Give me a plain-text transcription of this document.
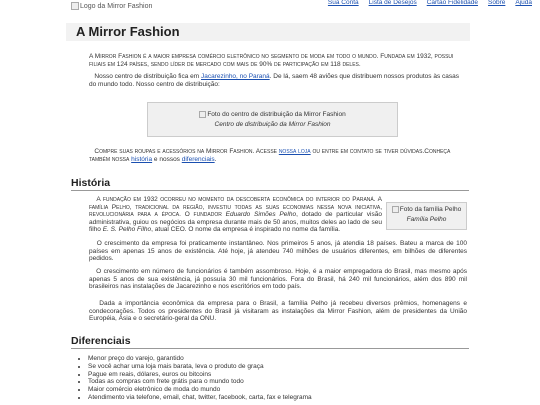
Logo da Mirror Fashion	Sua Conta Lista de Desejos Cartão Fidelidade Sobre Ajuda
A Mirror Fashion

A Mirror Fashion é a maior empresa comércio eletrônico no segmento de moda em todo o mundo. Fundada em 1932, possui filiais em 124 países, sendo líder de mercado com mais de 90% de participação em 118 deles.

Nosso centro de distribuição fica em Jacarezinho, no Paraná. De lá, saem 48 aviões que distribuem nossos produtos às casas do mundo todo. Nosso centro de distribuição:

Foto do centro de distribuição da Mirror Fashion
Centro de distribuição da Mirror Fashion

Compre suas roupas e acessórios na Mirror Fashion. Acesse nossa loja ou entre em contato se tiver dúvidas.Conheça também nossa história e nossos diferenciais.

História

A fundação em 1932 ocorreu no momento da descoberta econômica do interior do Paraná. A família Pelho, tradicional da região, investiu todas as suas economias nessa nova iniciativa, revolucionária para a época. O fundador Eduardo Simões Pelho, dotado de particular visão administrativa, guiou os negócios da empresa durante mais de 50 anos, muitos deles ao lado de seu filho E. S. Pelho Filho, atual CEO. O nome da empresa é inspirado no nome da família.

Foto da família Pelho
Família Pelho

O crescimento da empresa foi praticamente instantâneo. Nos primeiros 5 anos, já atendia 18 países. Bateu a marca de 100 países em apenas 15 anos de existência. Até hoje, já atendeu 740 milhões de usuários diferentes, em bilhões de diferentes pedidos.

O crescimento em número de funcionários é também assombroso. Hoje, é a maior empregadora do Brasil, mas mesmo após apenas 5 anos de sua existência, já possuía 30 mil funcionários. Fora do Brasil, há 240 mil funcionários, além dos 890 mil brasileiros nas instalações de Jacarezinho e nos escritórios em todo país.

Dada a importância econômica da empresa para o Brasil, a família Pelho já recebeu diversos prêmios, homenagens e condecorações. Todos os presidentes do Brasil já visitaram as instalações da Mirror Fashion, além de presidentes da União Européia, Ásia e o secretário-geral da ONU.

Diferenciais
• Menor preço do varejo, garantido
• Se você achar uma loja mais barata, leva o produto de graça
• Pague em reais, dólares, euros ou bitcoins
• Todas as compras com frete grátis para o mundo todo
• Maior comércio eletrônico de moda do mundo
• Atendimento via telefone, email, chat, twitter, facebook, carta, fax e telegrama
